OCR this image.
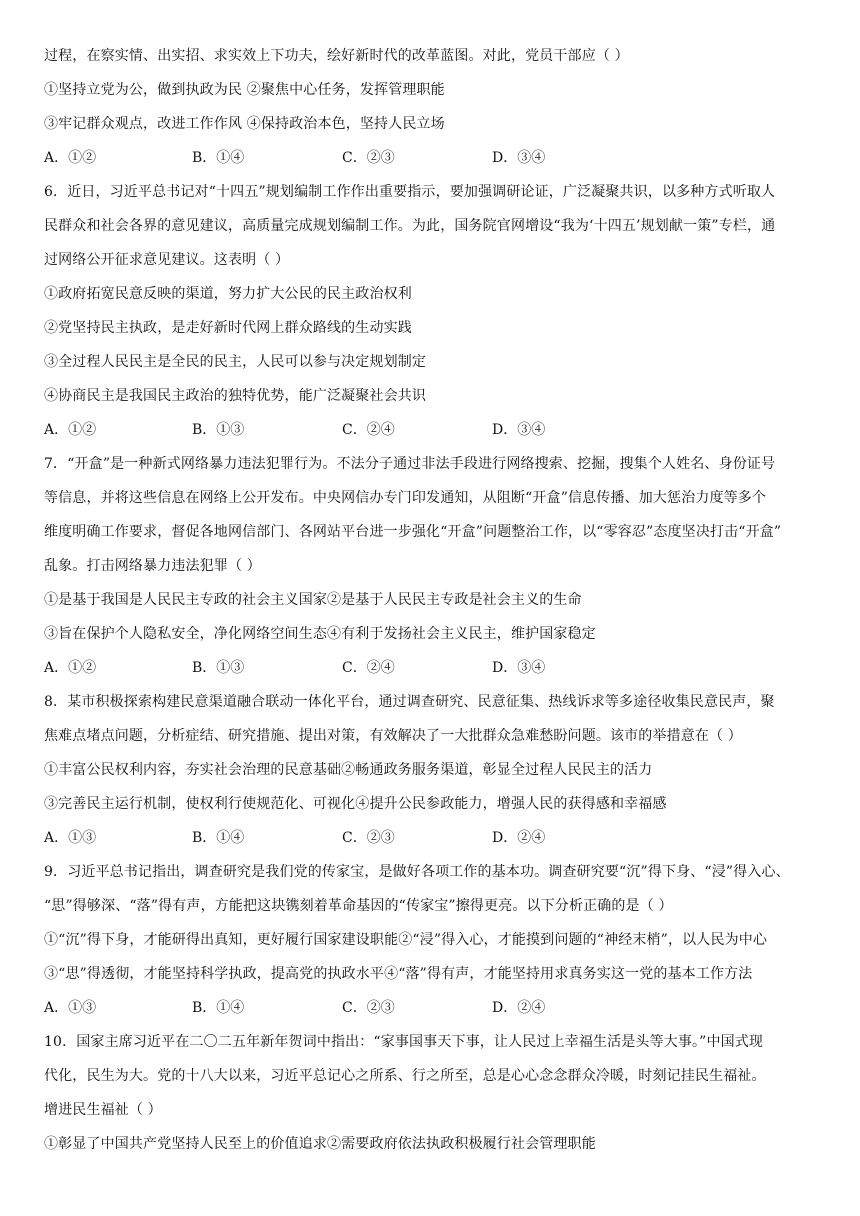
过程，在察实情、出实招、求实效上下功夫，绘好新时代的改革蓝图。对此，党员干部应（ ）
①坚持立党为公，做到执政为民 ②聚焦中心任务，发挥管理职能
③牢记群众观点，改进工作作风 ④保持政治本色，坚持人民立场
A．①②	B．①④	C．②③	D．③④
6．近日，习近平总书记对“十四五”规划编制工作作出重要指示，要加强调研论证，广泛凝聚共识，以多种方式听取人
民群众和社会各界的意见建议，高质量完成规划编制工作。为此，国务院官网增设“我为‘十四五’规划献一策”专栏，通
过网络公开征求意见建议。这表明（ ）
①政府拓宽民意反映的渠道，努力扩大公民的民主政治权利
②党坚持民主执政，是走好新时代网上群众路线的生动实践
③全过程人民民主是全民的民主，人民可以参与决定规划制定
④协商民主是我国民主政治的独特优势，能广泛凝聚社会共识
A．①②	B．①③	C．②④	D．③④
7．“开盒”是一种新式网络暴力违法犯罪行为。不法分子通过非法手段进行网络搜索、挖掘，搜集个人姓名、身份证号
等信息，并将这些信息在网络上公开发布。中央网信办专门印发通知，从阻断“开盒”信息传播、加大惩治力度等多个
维度明确工作要求，督促各地网信部门、各网站平台进一步强化“开盒”问题整治工作，以“零容忍”态度坚决打击“开盒”
乱象。打击网络暴力违法犯罪（ ）
①是基于我国是人民民主专政的社会主义国家②是基于人民民主专政是社会主义的生命
③旨在保护个人隐私安全，净化网络空间生态④有利于发扬社会主义民主，维护国家稳定
A．①②	B．①③	C．②④	D．③④
8．某市积极探索构建民意渠道融合联动一体化平台，通过调查研究、民意征集、热线诉求等多途径收集民意民声，聚
焦难点堵点问题，分析症结、研究措施、提出对策，有效解决了一大批群众急难愁盼问题。该市的举措意在（ ）
①丰富公民权利内容，夯实社会治理的民意基础②畅通政务服务渠道，彰显全过程人民民主的活力
③完善民主运行机制，使权利行使规范化、可视化④提升公民参政能力，增强人民的获得感和幸福感
A．①③	B．①④	C．②③	D．②④
9．习近平总书记指出，调查研究是我们党的传家宝，是做好各项工作的基本功。调查研究要“沉”得下身、“浸”得入心、
“思”得够深、“落”得有声，方能把这块镌刻着革命基因的“传家宝”擦得更亮。以下分析正确的是（ ）
①“沉”得下身，才能研得出真知，更好履行国家建设职能②“浸”得入心，才能摸到问题的“神经末梢”，以人民为中心
③“思”得透彻，才能坚持科学执政，提高党的执政水平④“落”得有声，才能坚持用求真务实这一党的基本工作方法
A．①③	B．①④	C．②③	D．②④
10．国家主席习近平在二〇二五年新年贺词中指出：“家事国事天下事，让人民过上幸福生活是头等大事。”中国式现
代化，民生为大。党的十八大以来，习近平总记心之所系、行之所至，总是心心念念群众冷暖，时刻记挂民生福祉。
增进民生福祉（ ）
①彰显了中国共产党坚持人民至上的价值追求②需要政府依法执政积极履行社会管理职能
